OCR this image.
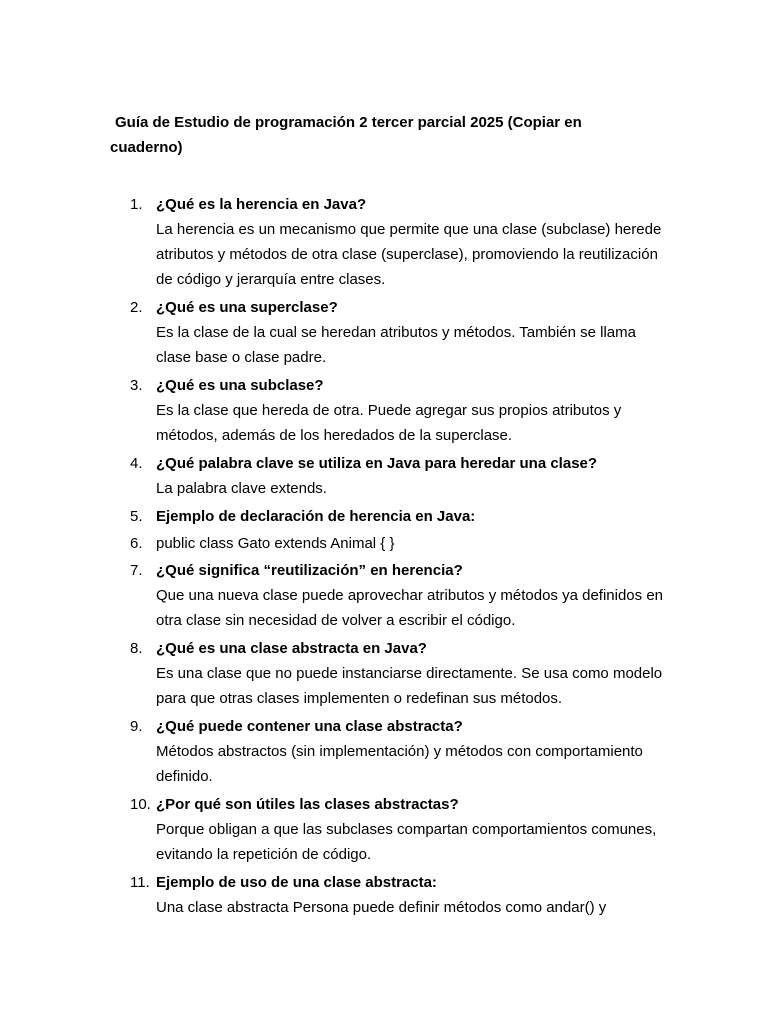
Guía de Estudio de programación 2 tercer parcial 2025 (Copiar en cuaderno)

1. ¿Qué es la herencia en Java?
La herencia es un mecanismo que permite que una clase (subclase) herede atributos y métodos de otra clase (superclase), promoviendo la reutilización de código y jerarquía entre clases.
2. ¿Qué es una superclase?
Es la clase de la cual se heredan atributos y métodos. También se llama clase base o clase padre.
3. ¿Qué es una subclase?
Es la clase que hereda de otra. Puede agregar sus propios atributos y métodos, además de los heredados de la superclase.
4. ¿Qué palabra clave se utiliza en Java para heredar una clase?
La palabra clave extends.
5. Ejemplo de declaración de herencia en Java:
6. public class Gato extends Animal { }
7. ¿Qué significa “reutilización” en herencia?
Que una nueva clase puede aprovechar atributos y métodos ya definidos en otra clase sin necesidad de volver a escribir el código.
8. ¿Qué es una clase abstracta en Java?
Es una clase que no puede instanciarse directamente. Se usa como modelo para que otras clases implementen o redefinan sus métodos.
9. ¿Qué puede contener una clase abstracta?
Métodos abstractos (sin implementación) y métodos con comportamiento definido.
10. ¿Por qué son útiles las clases abstractas?
Porque obligan a que las subclases compartan comportamientos comunes, evitando la repetición de código.
11. Ejemplo de uso de una clase abstracta:
Una clase abstracta Persona puede definir métodos como andar() y
